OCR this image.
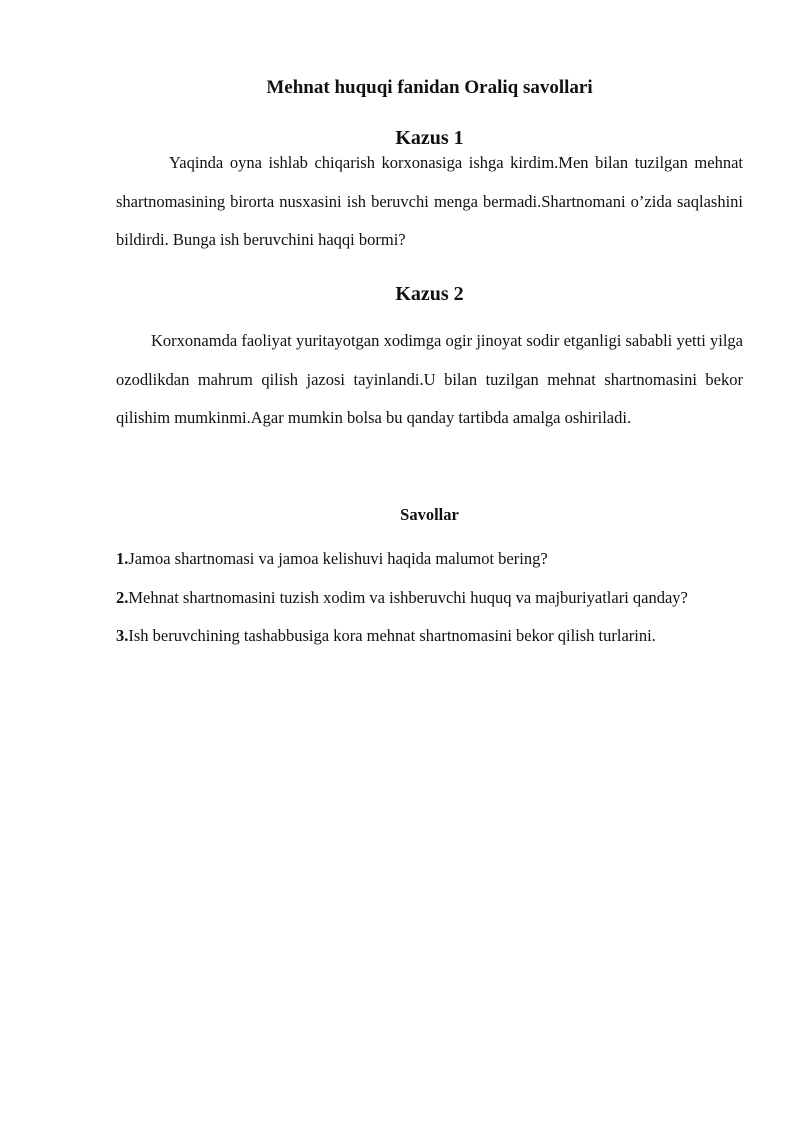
Mehnat huquqi fanidan Oraliq savollari
Kazus 1
Yaqinda oyna ishlab chiqarish korxonasiga ishga kirdim.Men bilan tuzilgan mehnat shartnomasining birorta nusxasini ish beruvchi menga bermadi.Shartnomani o’zida saqlashini bildirdi. Bunga ish beruvchini haqqi bormi?
Kazus 2
Korxonamda faoliyat yuritayotgan xodimga ogir jinoyat sodir etganligi sababli yetti yilga ozodlikdan mahrum qilish jazosi tayinlandi.U bilan tuzilgan mehnat shartnomasini bekor qilishim mumkinmi.Agar mumkin bolsa bu qanday tartibda amalga oshiriladi.
Savollar

1.Jamoa shartnomasi va jamoa kelishuvi haqida malumot bering?

2.Mehnat shartnomasini tuzish xodim va ishberuvchi huquq va majburiyatlari qanday?

3.Ish beruvchining tashabbusiga kora mehnat shartnomasini bekor qilish turlarini.
